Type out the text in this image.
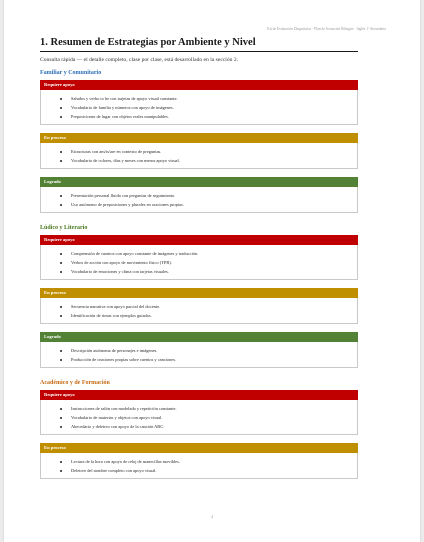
Kit de Evaluación Diagnóstica · Plan de Actuación Bilingüe · Inglés 1º Secundaria
1. Resumen de Estrategias por Ambiente y Nivel
Consulta rápida — el detalle completo, clase por clase, está desarrollado en la sección 2.
Familiar y Comunitario
Requiere apoyo
Saludos y verbo to be con tarjetas de apoyo visual constante.
Vocabulario de familia y números con apoyo de imágenes.
Preposiciones de lugar con objetos reales manipulables.
En proceso
Estructuras con am/is/are en contexto de preguntas.
Vocabulario de colores, días y meses con menor apoyo visual.
Logrado
Presentación personal fluida con preguntas de seguimiento.
Uso autónomo de preposiciones y plurales en oraciones propias.
Lúdico y Literario
Requiere apoyo
Comprensión de cuentos con apoyo constante de imágenes y traducción.
Verbos de acción con apoyo de movimiento físico (TPR).
Vocabulario de emociones y clima con tarjetas visuales.
En proceso
Secuencia narrativa con apoyo parcial del docente.
Identificación de rimas con ejemplos guiados.
Logrado
Descripción autónoma de personajes e imágenes.
Producción de oraciones propias sobre cuentos y canciones.
Académico y de Formación
Requiere apoyo
Instrucciones de salón con modelado y repetición constante.
Vocabulario de materias y objetos con apoyo visual.
Abecedario y deletreo con apoyo de la canción ABC.
En proceso
Lectura de la hora con apoyo de reloj de manecillas movibles.
Deletreo del nombre completo con apoyo visual.
4
